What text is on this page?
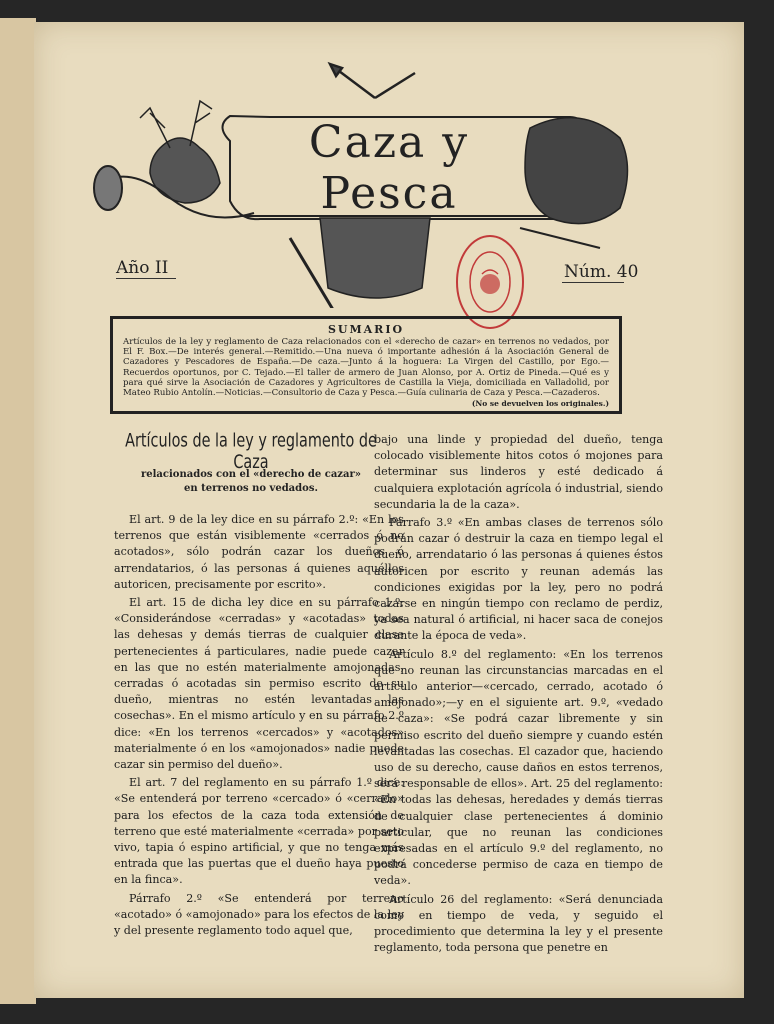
Caza y Pesca
Año II	Núm. 40
SUMARIO
Artículos de la ley y reglamento de Caza relacionados con el «derecho de cazar» en terrenos no vedados, por El F. Box.—De interés general.—Remitido.—Una nueva ó importante adhesión á la Asociación General de Cazadores y Pescadores de España.—De caza.—Junto á la hoguera: La Virgen del Castillo, por Ego.—Recuerdos oportunos, por C. Tejado.—El taller de armero de Juan Alonso, por A. Ortiz de Pineda.—Qué es y para qué sirve la Asociación de Cazadores y Agricultores de Castilla la Vieja, domiciliada en Valladolid, por Mateo Rubio Antolín.—Noticias.—Consultorio de Caza y Pesca.—Guía culinaria de Caza y Pesca.—Cazaderos.
(No se devuelven los originales.)
Artículos de la ley y reglamento de Caza
relacionados con el «derecho de cazar»
en terrenos no vedados.

El art. 9 de la ley dice en su párrafo 2.º: «En los terrenos que están visiblemente «cerrados ó no acotados», sólo podrán cazar los dueños ó arrendatarios, ó las personas á quienes aquéllos autoricen, precisamente por escrito».

El art. 15 de dicha ley dice en su párrafo 1.º: «Considerándose «cerradas» y «acotadas» todas las dehesas y demás tierras de cualquier clase pertenecientes á particulares, nadie puede cazar en las que no estén materialmente amojonadas, cerradas ó acotadas sin permiso escrito de su dueño, mientras no estén levantadas las cosechas». En el mismo artículo y en su párrafo 2.º dice: «En los terrenos «cercados» y «acotados» materialmente ó en los «amojonados» nadie puede cazar sin permiso del dueño».

El art. 7 del reglamento en su párrafo 1.º dice: «Se entenderá por terreno «cercado» ó «cerrado» para los efectos de la caza toda extensión de terreno que esté materialmente «cerrada» por seto vivo, tapia ó espino artificial, y que no tenga más entrada que las puertas que el dueño haya puesto en la finca».

Párrafo 2.º «Se entenderá por terreno «acotado» ó «amojonado» para los efectos de la ley y del presente reglamento todo aquel que,

bajo una linde y propiedad del dueño, tenga colocado visiblemente hitos cotos ó mojones para determinar sus linderos y esté dedicado á cualquiera explotación agrícola ó industrial, siendo secundaria la de la caza».

Párrafo 3.º «En ambas clases de terrenos sólo podrán cazar ó destruir la caza en tiempo legal el dueño, arrendatario ó las personas á quienes éstos autoricen por escrito y reunan además las condiciones exigidas por la ley, pero no podrá cazarse en ningún tiempo con reclamo de perdiz, ya sea natural ó artificial, ni hacer saca de conejos durante la época de veda».

Artículo 8.º del reglamento: «En los terrenos que no reunan las circunstancias marcadas en el artículo anterior—«cercado, cerrado, acotado ó amojonado»;—y en el siguiente art. 9.º, «vedado de caza»: «Se podrá cazar libremente y sin permiso escrito del dueño siempre y cuando estén levantadas las cosechas. El cazador que, haciendo uso de su derecho, cause daños en estos terrenos, será responsable de ellos». Art. 25 del reglamento: «En todas las dehesas, heredades y demás tierras de cualquier clase pertenecientes á dominio particular, que no reunan las condiciones expresadas en el artículo 9.º del reglamento, no podrá concederse permiso de caza en tiempo de veda».

Artículo 26 del reglamento: «Será denunciada como en tiempo de veda, y seguido el procedimiento que determina la ley y el presente reglamento, toda persona que penetre en
